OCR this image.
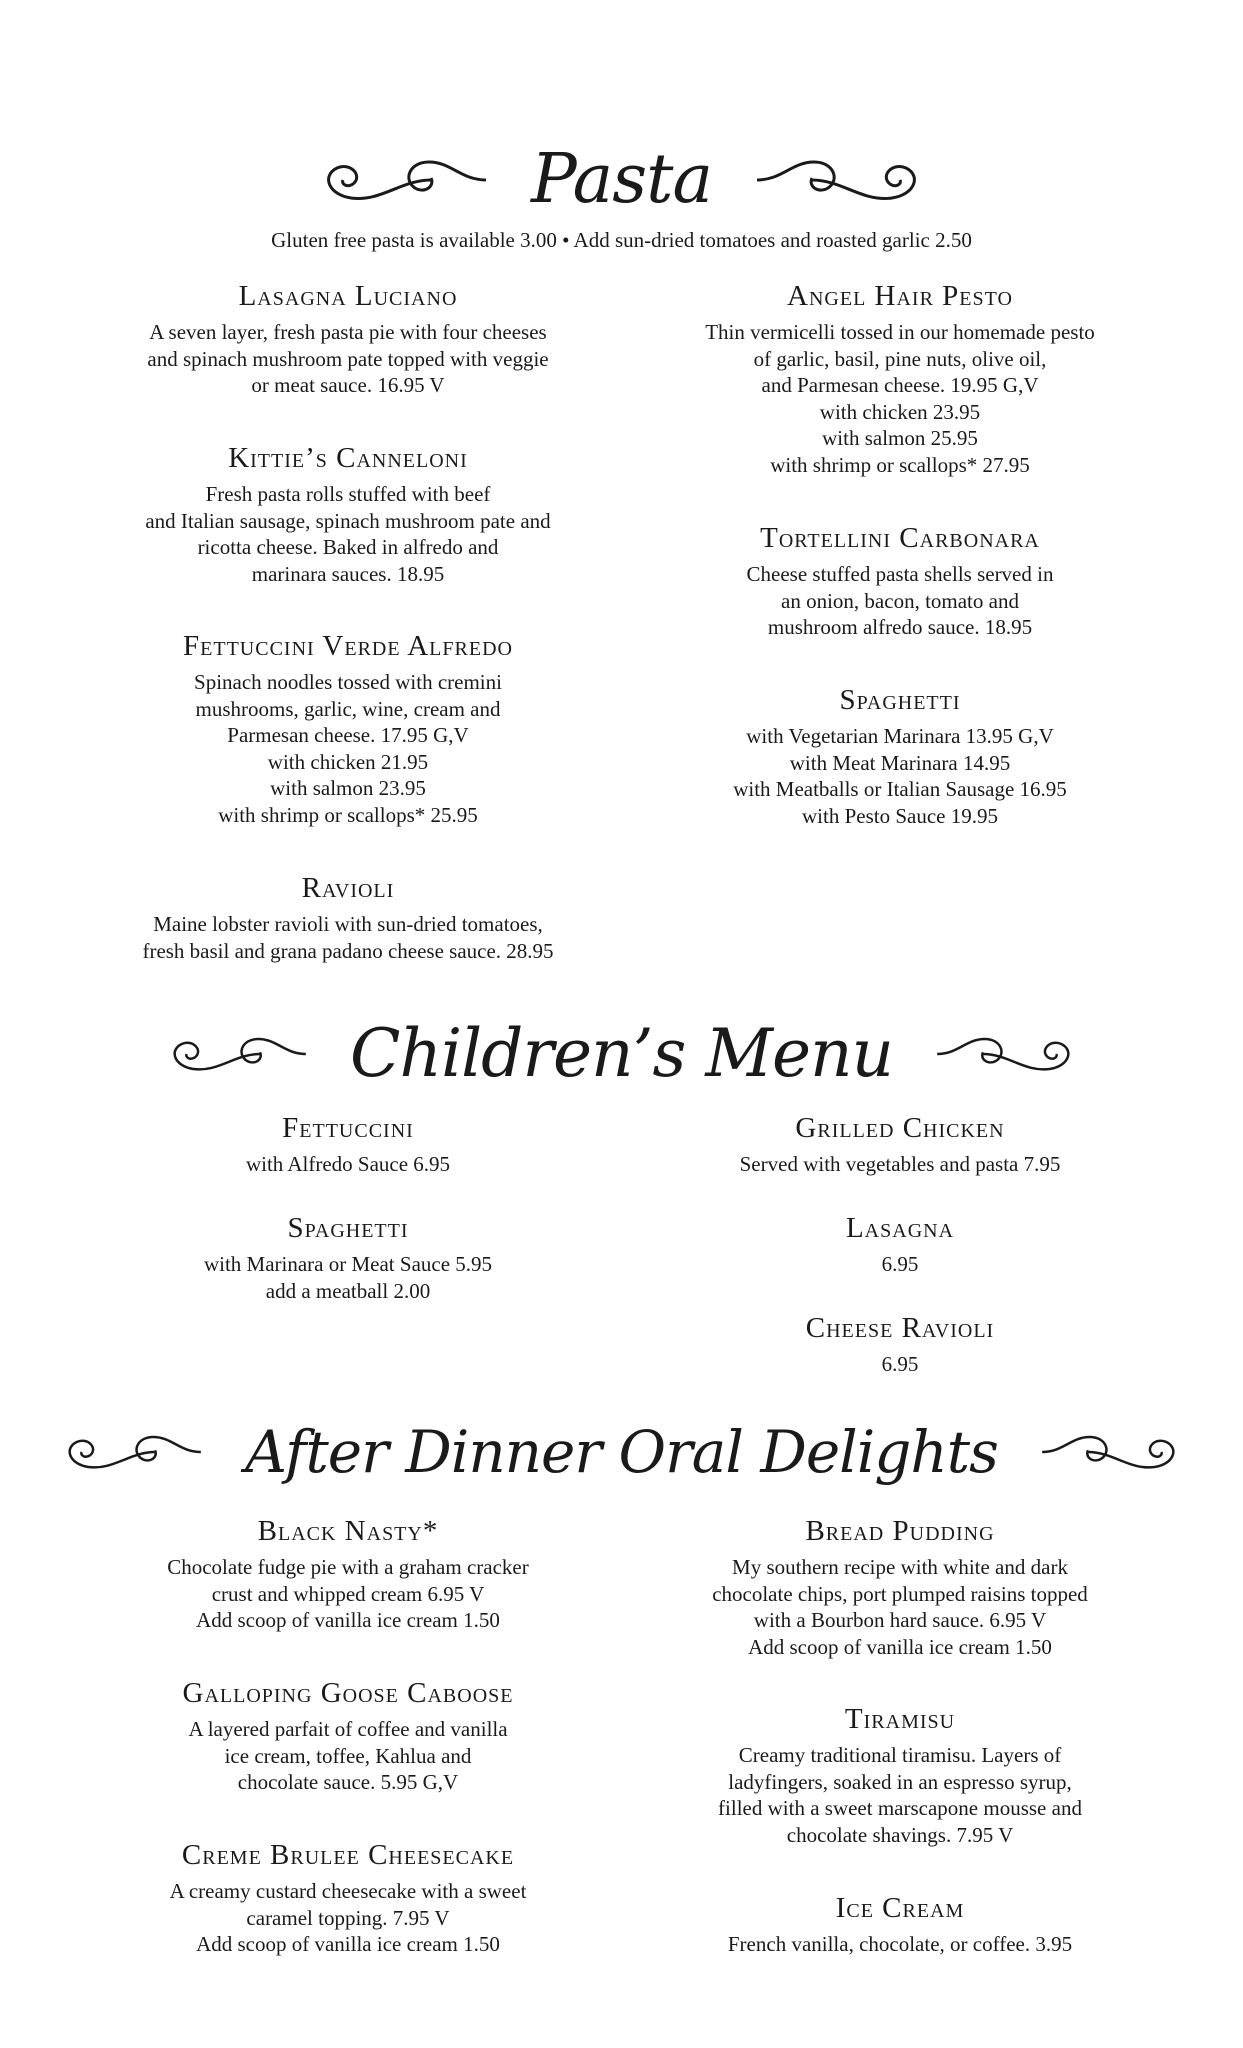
Pasta
Gluten free pasta is available 3.00 • Add sun-dried tomatoes and roasted garlic 2.50
Lasagna Luciano
A seven layer, fresh pasta pie with four cheeses
and spinach mushroom pate topped with veggie
or meat sauce. 16.95 V
Kittie’s Canneloni
Fresh pasta rolls stuffed with beef
and Italian sausage, spinach mushroom pate and
ricotta cheese. Baked in alfredo and
marinara sauces. 18.95
Fettuccini Verde Alfredo
Spinach noodles tossed with cremini
mushrooms, garlic, wine, cream and
Parmesan cheese. 17.95 G,V
with chicken 21.95
with salmon 23.95
with shrimp or scallops* 25.95
Ravioli
Maine lobster ravioli with sun-dried tomatoes,
fresh basil and grana padano cheese sauce. 28.95
Angel Hair Pesto
Thin vermicelli tossed in our homemade pesto
of garlic, basil, pine nuts, olive oil,
and Parmesan cheese. 19.95 G,V
with chicken 23.95
with salmon 25.95
with shrimp or scallops* 27.95
Tortellini Carbonara
Cheese stuffed pasta shells served in
an onion, bacon, tomato and
mushroom alfredo sauce. 18.95
Spaghetti
with Vegetarian Marinara 13.95 G,V
with Meat Marinara 14.95
with Meatballs or Italian Sausage 16.95
with Pesto Sauce 19.95
Children’s Menu
Fettuccini
with Alfredo Sauce 6.95
Spaghetti
with Marinara or Meat Sauce 5.95
add a meatball 2.00
Grilled Chicken
Served with vegetables and pasta 7.95
Lasagna
6.95
Cheese Ravioli
6.95
After Dinner Oral Delights
Black Nasty*
Chocolate fudge pie with a graham cracker
crust and whipped cream 6.95 V
Add scoop of vanilla ice cream 1.50
Galloping Goose Caboose
A layered parfait of coffee and vanilla
ice cream, toffee, Kahlua and
chocolate sauce. 5.95 G,V
Creme Brulee Cheesecake
A creamy custard cheesecake with a sweet
caramel topping. 7.95 V
Add scoop of vanilla ice cream 1.50
Bread Pudding
My southern recipe with white and dark
chocolate chips, port plumped raisins topped
with a Bourbon hard sauce. 6.95 V
Add scoop of vanilla ice cream 1.50
Tiramisu
Creamy traditional tiramisu. Layers of
ladyfingers, soaked in an espresso syrup,
filled with a sweet marscapone mousse and
chocolate shavings. 7.95 V
Ice Cream
French vanilla, chocolate, or coffee. 3.95
